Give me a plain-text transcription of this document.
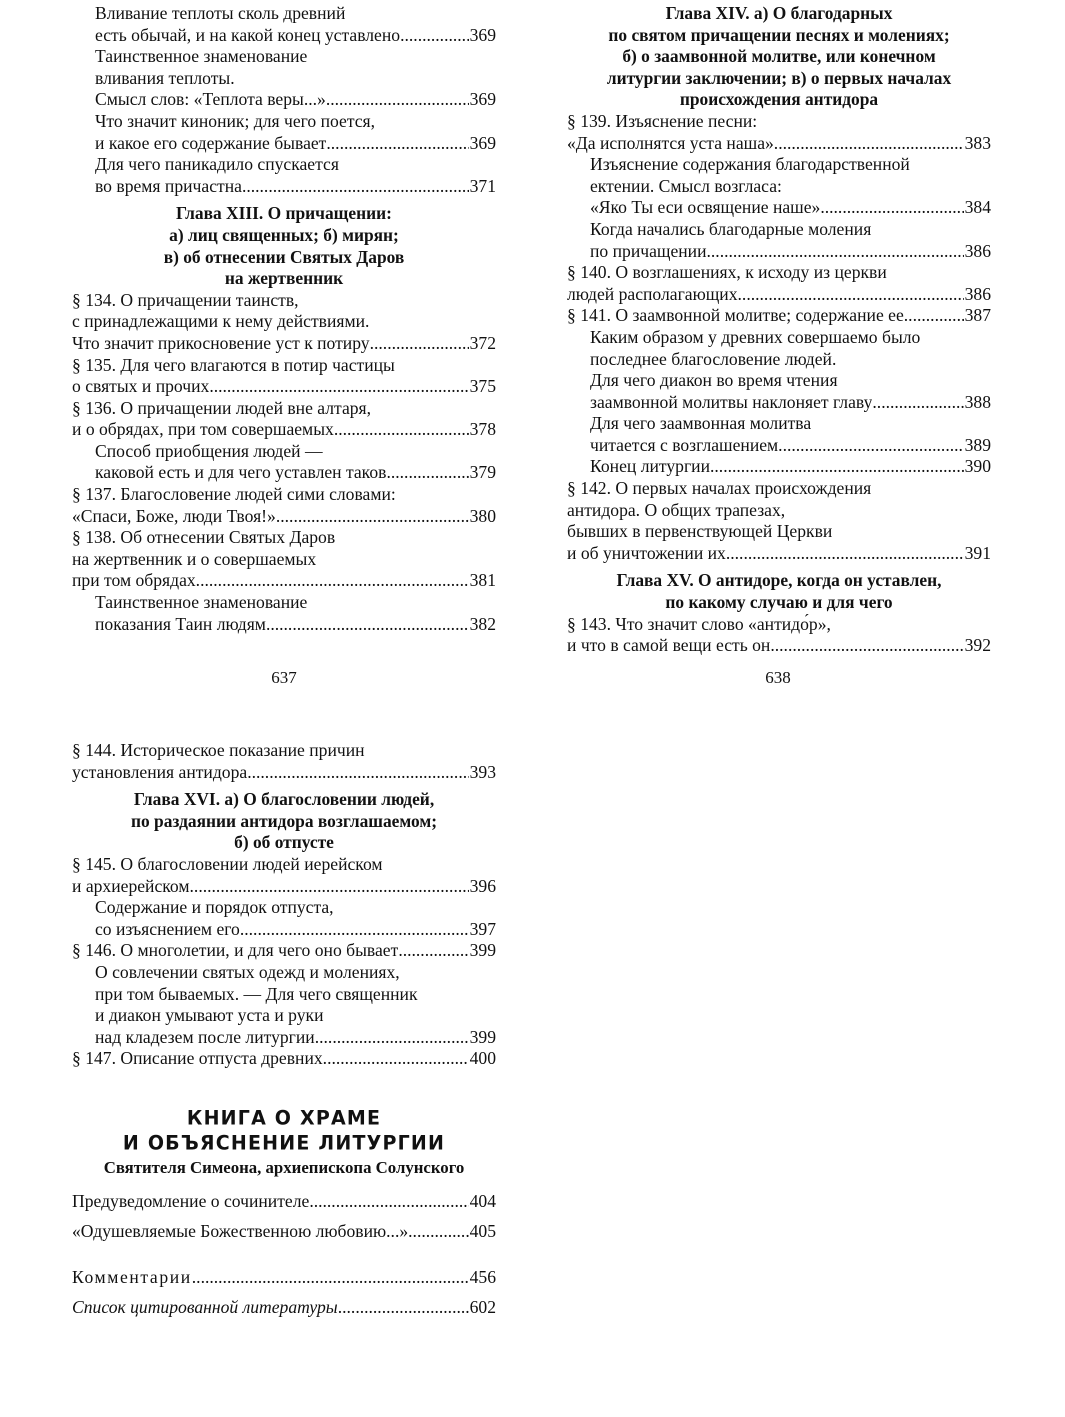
Вливание теплоты сколь древний
есть обычай, и на какой конец уставлено .....	369
Таинственное знаменование
вливания теплоты.
Смысл слов: «Теплота веры...» .....	369
Что значит киноник; для чего поется,
и какое его содержание бывает .....	369
Для чего паникадило спускается
во время причастна .....	371
Глава XIII. О причащении:
а) лиц священных; б) мирян;
в) об отнесении Святых Даров
на жертвенник
§ 134. О причащении таинств,
с принадлежащими к нему действиями.
Что значит прикосновение уст к потиру .....	372
§ 135. Для чего влагаются в потир частицы
о святых и прочих .....	375
§ 136. О причащении людей вне алтаря,
и о обрядах, при том совершаемых .....	378
Способ приобщения людей —
каковой есть и для чего уставлен таков .....	379
§ 137. Благословение людей сими словами:
«Спаси, Боже, люди Твоя!» .....	380
§ 138. Об отнесении Святых Даров
на жертвенник и о совершаемых
при том обрядах .....	381
Таинственное знаменование
показания Таин людям .....	382
637
Глава XIV. а) О благодарных
по святом причащении песнях и молениях;
б) о заамвонной молитве, или конечном
литургии заключении; в) о первых началах
происхождения антидора
§ 139. Изъяснение песни:
«Да исполнятся уста наша» .....	383
Изъяснение содержания благодарственной
ектении. Смысл возгласа:
«Яко Ты еси освящение наше» .....	384
Когда начались благодарные моления
по причащении .....	386
§ 140. О возглашениях, к исходу из церкви
людей располагающих .....	386
§ 141. О заамвонной молитве; содержание ее .....	387
Каким образом у древних совершаемо было
последнее благословение людей.
Для чего диакон во время чтения
заамвонной молитвы наклоняет главу .....	388
Для чего заамвонная молитва
читается с возглашением .....	389
Конец литургии .....	390
§ 142. О первых началах происхождения
антидора. О общих трапезах,
бывших в первенствующей Церкви
и об уничтожении их .....	391
Глава XV. О антидоре, когда он уставлен,
по какому случаю и для чего
§ 143. Что значит слово «антидо́р»,
и что в самой вещи есть он .....	392
638
§ 144. Историческое показание причин
установления антидора .....	393
Глава XVI. а) О благословении людей,
по раздаянии антидора возглашаемом;
б) об отпусте
§ 145. О благословении людей иерейском
и архиерейском .....	396
Содержание и порядок отпуста,
со изъяснением его .....	397
§ 146. О многолетии, и для чего оно бывает .....	399
О совлечении святых одежд и молениях,
при том бываемых. — Для чего священник
и диакон умывают уста и руки
над кладезем после литургии .....	399
§ 147. Описание отпуста древних .....	400
КНИГА О ХРАМЕ
И ОБЪЯСНЕНИЕ ЛИТУРГИИ
Святителя Симеона, архиепископа Солунского
Предуведомление о сочинителе .....	404
«Одушевляемые Божественною любовию...» .....	405
Комментарии .....	456
Список цитированной литературы .....	602
